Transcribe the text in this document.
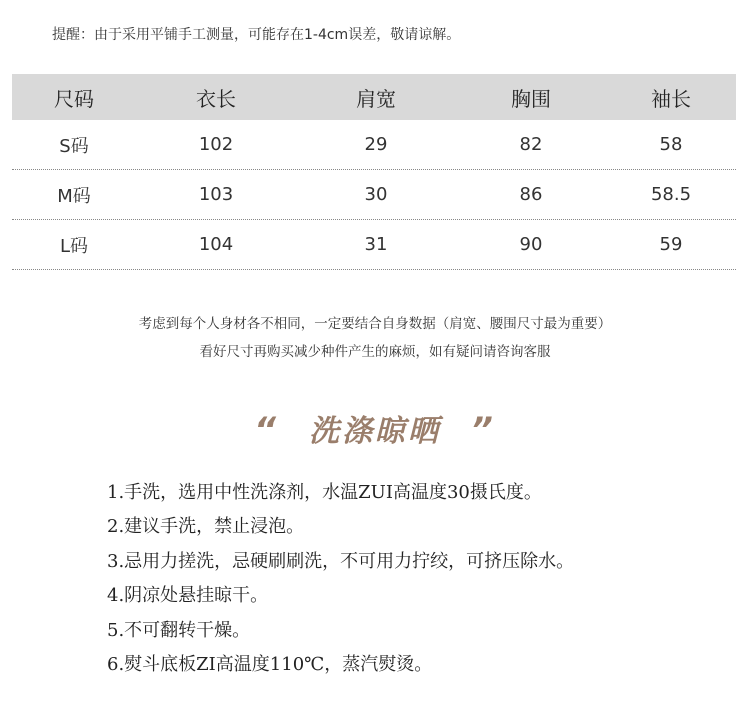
提醒：由于采用平铺手工测量，可能存在1-4cm误差，敬请谅解。
尺码	衣长	肩宽	胸围	袖长
S码	102	29	82	58
M码	103	30	86	58.5
L码	104	31	90	59
考虑到每个人身材各不相同，一定要结合自身数据（肩宽、腰围尺寸最为重要）
看好尺寸再购买减少种件产生的麻烦，如有疑问请咨询客服
“ 洗涤晾晒 ”
1.手洗，选用中性洗涤剂，水温ZUI高温度30摄氏度。
2.建议手洗，禁止浸泡。
3.忌用力搓洗，忌硬刷刷洗，不可用力拧绞，可挤压除水。
4.阴凉处悬挂晾干。
5.不可翻转干燥。
6.熨斗底板ZI高温度110℃，蒸汽熨烫。
